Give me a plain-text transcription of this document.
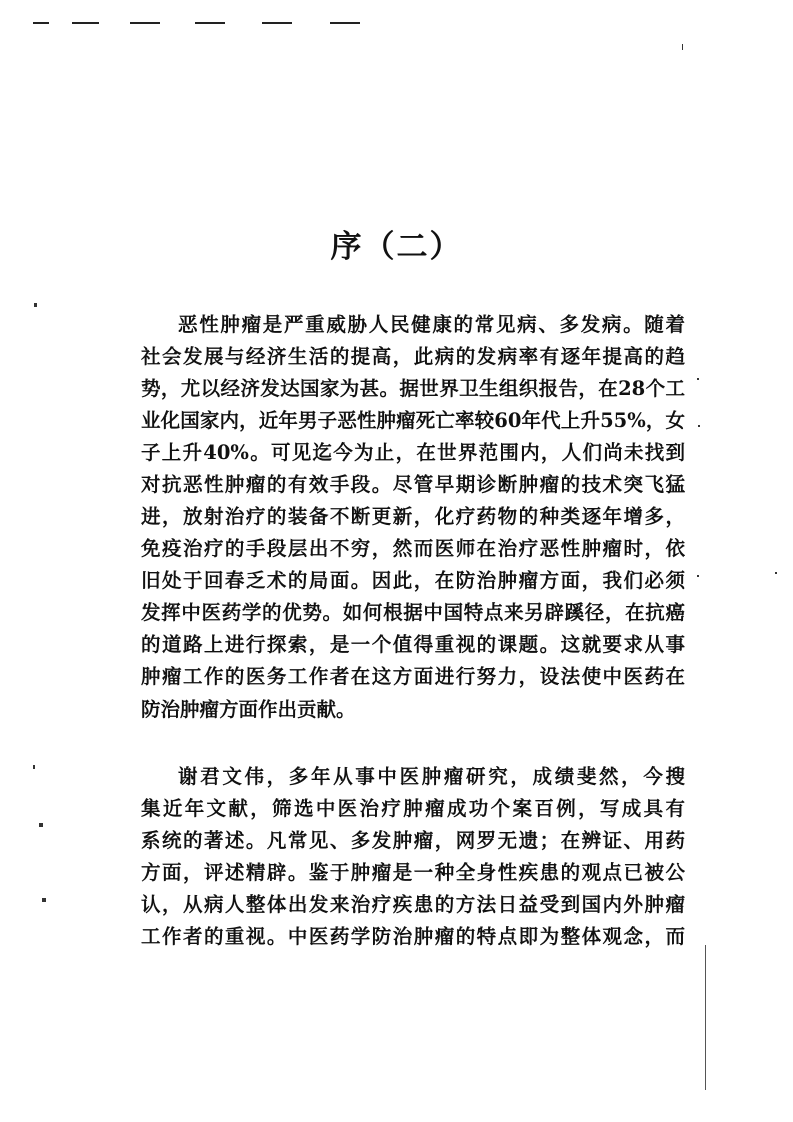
序（二）
恶性肿瘤是严重威胁人民健康的常见病、多发病。随着
社会发展与经济生活的提高，此病的发病率有逐年提高的趋
势，尤以经济发达国家为甚。据世界卫生组织报告，在28个工
业化国家内，近年男子恶性肿瘤死亡率较60年代上升55%，女
子上升40%。可见迄今为止，在世界范围内，人们尚未找到
对抗恶性肿瘤的有效手段。尽管早期诊断肿瘤的技术突飞猛
进，放射治疗的装备不断更新，化疗药物的种类逐年增多，
免疫治疗的手段层出不穷，然而医师在治疗恶性肿瘤时，依
旧处于回春乏术的局面。因此，在防治肿瘤方面，我们必须
发挥中医药学的优势。如何根据中国特点来另辟蹊径，在抗癌
的道路上进行探索，是一个值得重视的课题。这就要求从事
肿瘤工作的医务工作者在这方面进行努力，设法使中医药在
防治肿瘤方面作出贡献。
谢君文伟，多年从事中医肿瘤研究，成绩斐然，今搜
集近年文献，筛选中医治疗肿瘤成功个案百例，写成具有
系统的著述。凡常见、多发肿瘤，网罗无遗；在辨证、用药
方面，评述精辟。鉴于肿瘤是一种全身性疾患的观点已被公
认，从病人整体出发来治疗疾患的方法日益受到国内外肿瘤
工作者的重视。中医药学防治肿瘤的特点即为整体观念，而
